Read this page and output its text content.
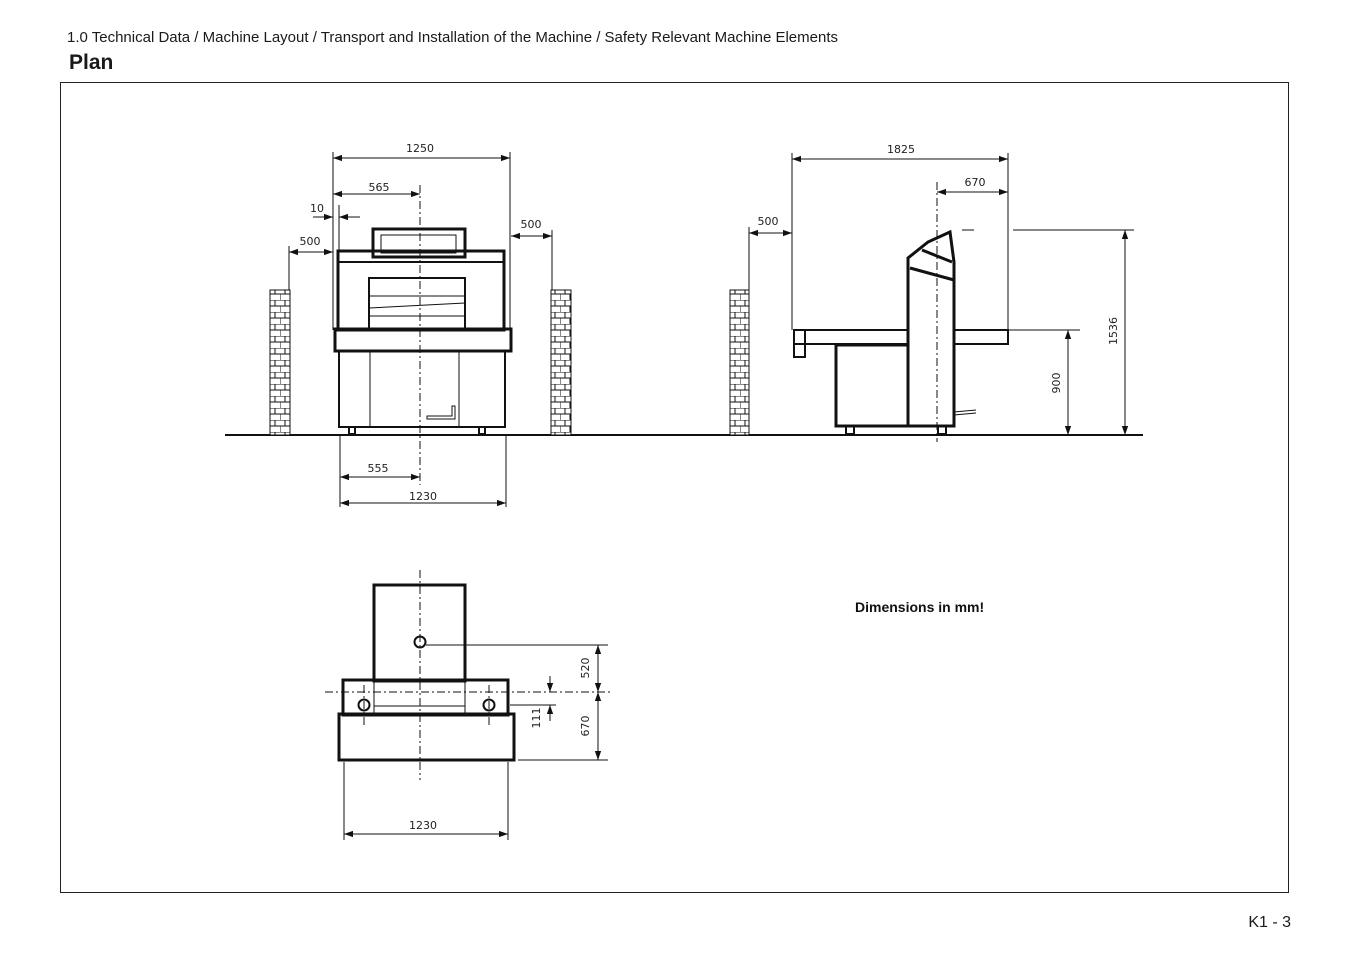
1.0 Technical Data / Machine Layout / Transport and Installation of the Machine / Safety Relevant Machine Elements
Plan
K1 - 3
1250
565
10
500
500
555
1230
1825
670
500
1536
900
520
670
111
1230
Dimensions in mm!
